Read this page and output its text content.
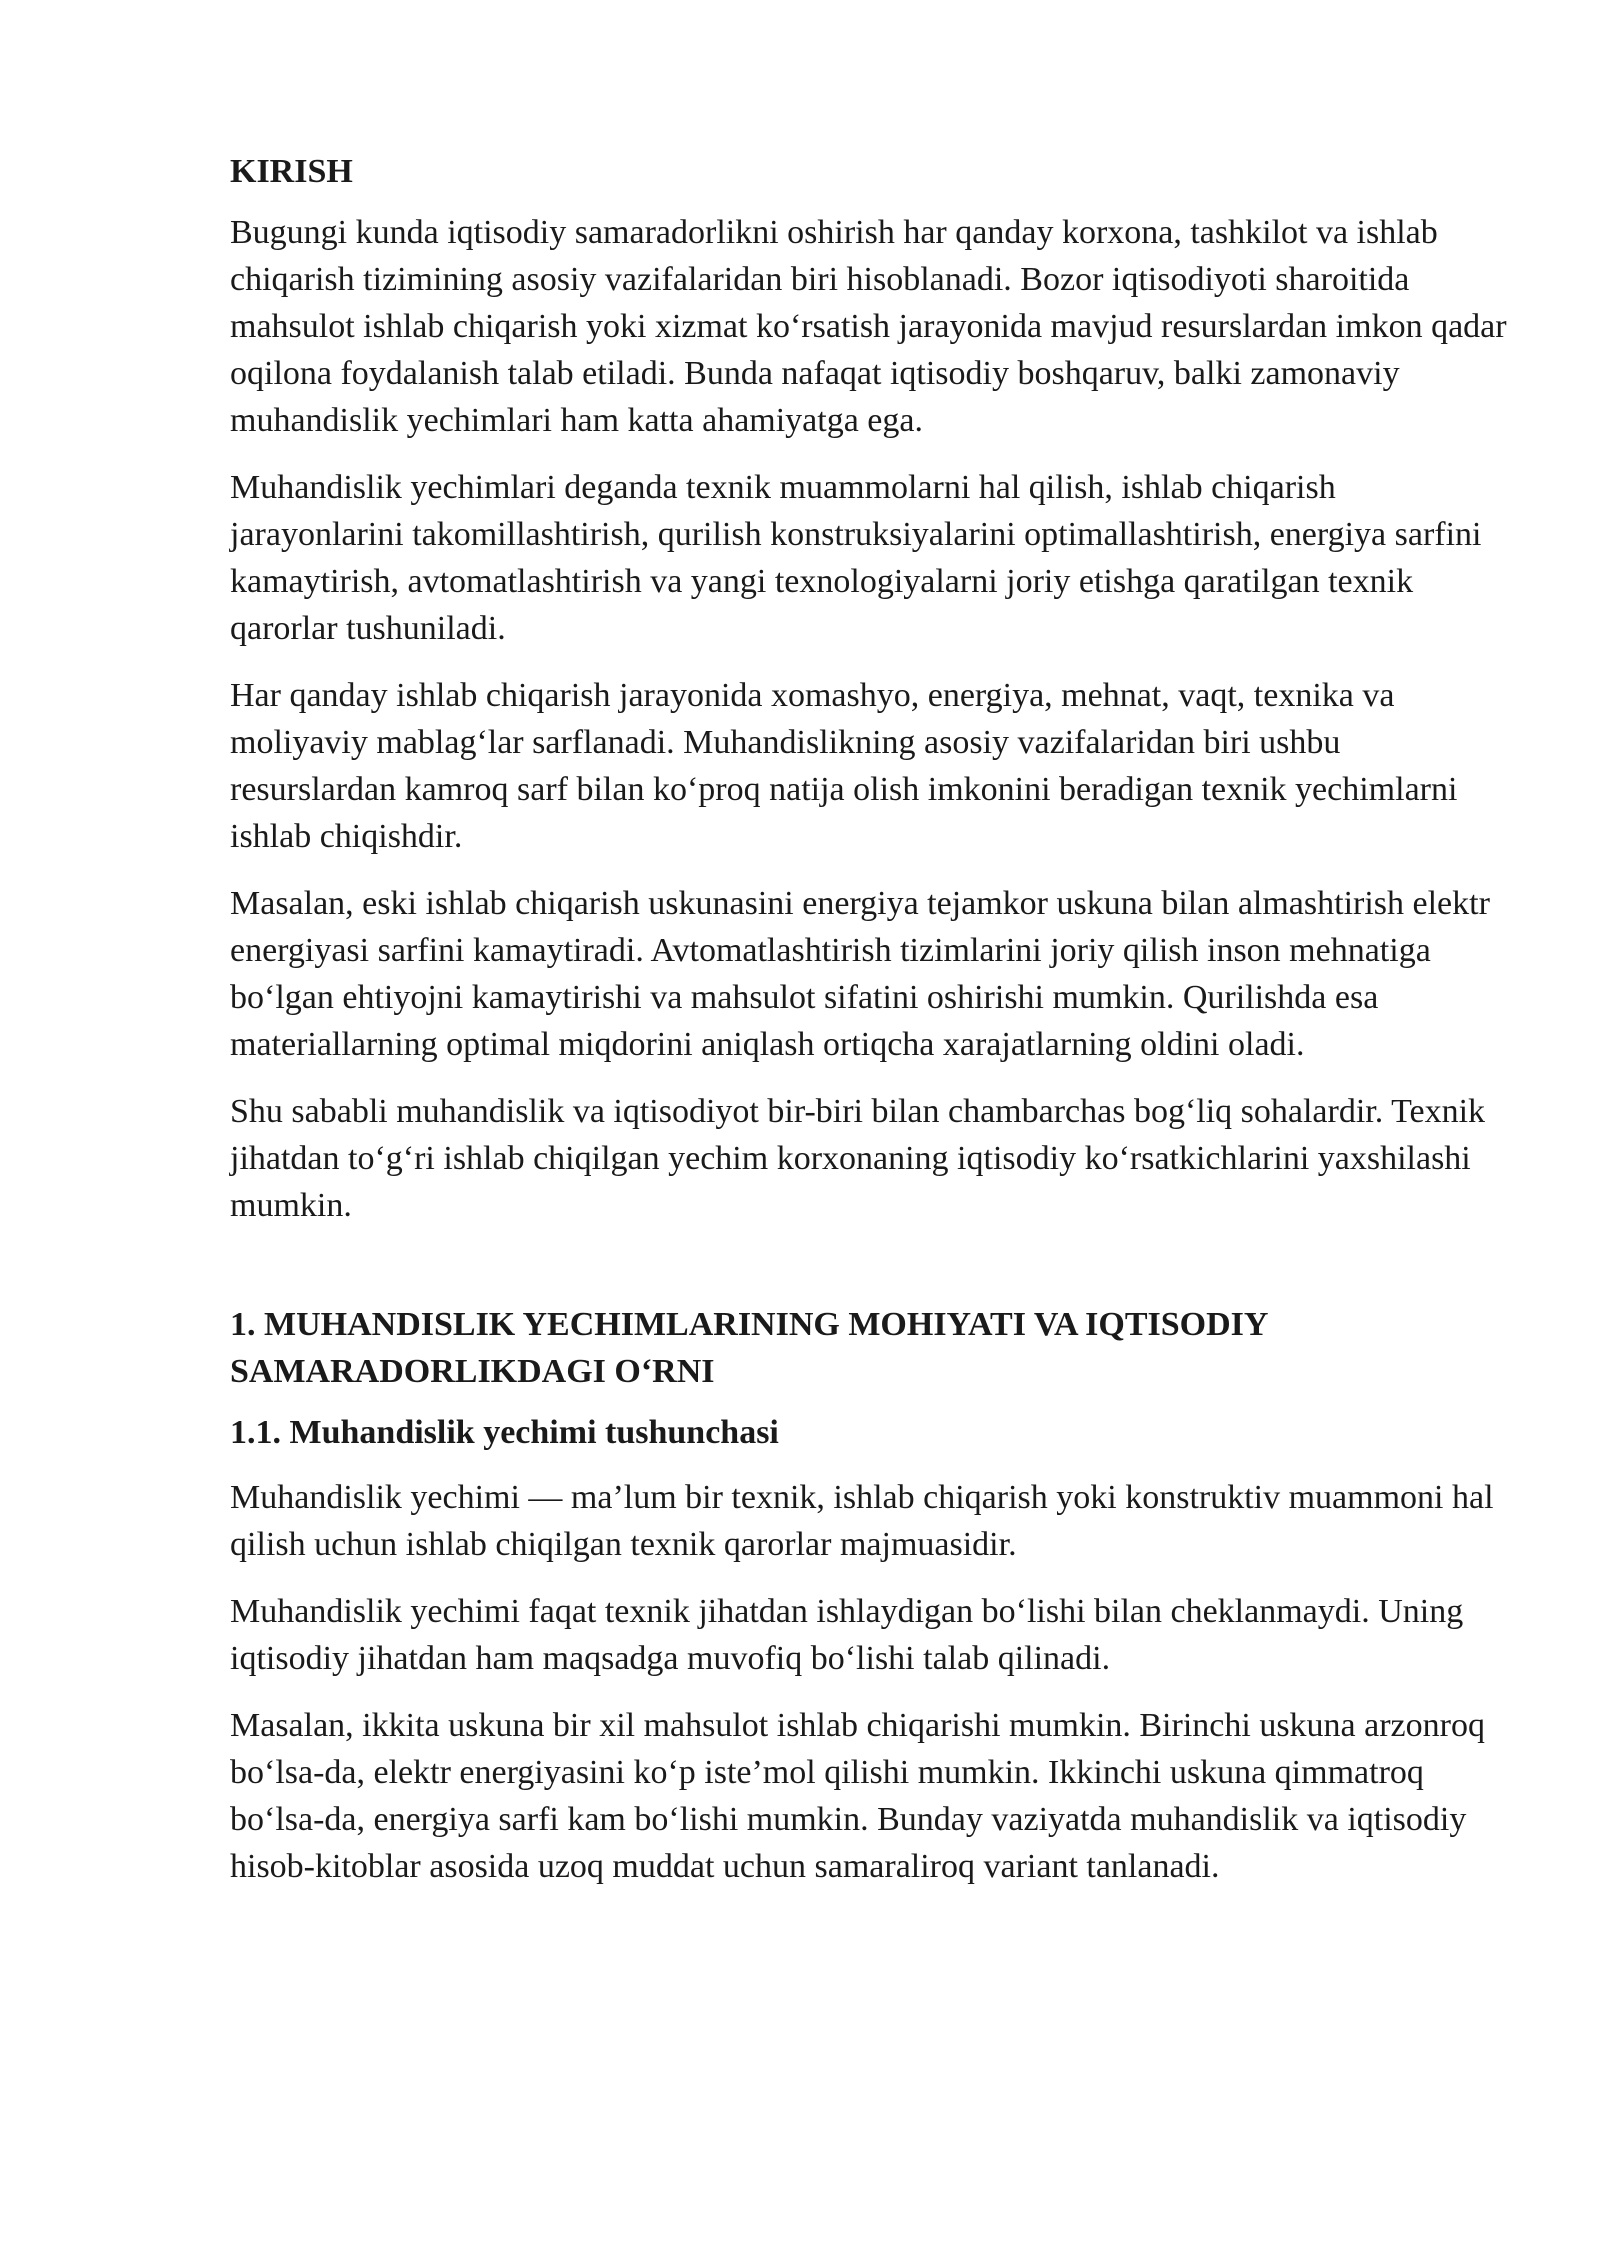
KIRISH
Bugungi kunda iqtisodiy samaradorlikni oshirish har qanday korxona, tashkilot va ishlab chiqarish tizimining asosiy vazifalaridan biri hisoblanadi. Bozor iqtisodiyoti sharoitida mahsulot ishlab chiqarish yoki xizmat ko‘rsatish jarayonida mavjud resurslardan imkon qadar oqilona foydalanish talab etiladi. Bunda nafaqat iqtisodiy boshqaruv, balki zamonaviy muhandislik yechimlari ham katta ahamiyatga ega.
Muhandislik yechimlari deganda texnik muammolarni hal qilish, ishlab chiqarish jarayonlarini takomillashtirish, qurilish konstruksiyalarini optimallashtirish, energiya sarfini kamaytirish, avtomatlashtirish va yangi texnologiyalarni joriy etishga qaratilgan texnik qarorlar tushuniladi.
Har qanday ishlab chiqarish jarayonida xomashyo, energiya, mehnat, vaqt, texnika va moliyaviy mablag‘lar sarflanadi. Muhandislikning asosiy vazifalaridan biri ushbu resurslardan kamroq sarf bilan ko‘proq natija olish imkonini beradigan texnik yechimlarni ishlab chiqishdir.
Masalan, eski ishlab chiqarish uskunasini energiya tejamkor uskuna bilan almashtirish elektr energiyasi sarfini kamaytiradi. Avtomatlashtirish tizimlarini joriy qilish inson mehnatiga bo‘lgan ehtiyojni kamaytirishi va mahsulot sifatini oshirishi mumkin. Qurilishda esa materiallarning optimal miqdorini aniqlash ortiqcha xarajatlarning oldini oladi.
Shu sababli muhandislik va iqtisodiyot bir-biri bilan chambarchas bog‘liq sohalardir. Texnik jihatdan to‘g‘ri ishlab chiqilgan yechim korxonaning iqtisodiy ko‘rsatkichlarini yaxshilashi mumkin.
1. MUHANDISLIK YECHIMLARINING MOHIYATI VA IQTISODIY SAMARADORLIKDAGI O‘RNI
1.1. Muhandislik yechimi tushunchasi
Muhandislik yechimi — ma’lum bir texnik, ishlab chiqarish yoki konstruktiv muammoni hal qilish uchun ishlab chiqilgan texnik qarorlar majmuasidir.
Muhandislik yechimi faqat texnik jihatdan ishlaydigan bo‘lishi bilan cheklanmaydi. Uning iqtisodiy jihatdan ham maqsadga muvofiq bo‘lishi talab qilinadi.
Masalan, ikkita uskuna bir xil mahsulot ishlab chiqarishi mumkin. Birinchi uskuna arzonroq bo‘lsa-da, elektr energiyasini ko‘p iste’mol qilishi mumkin. Ikkinchi uskuna qimmatroq bo‘lsa-da, energiya sarfi kam bo‘lishi mumkin. Bunday vaziyatda muhandislik va iqtisodiy hisob-kitoblar asosida uzoq muddat uchun samaraliroq variant tanlanadi.
